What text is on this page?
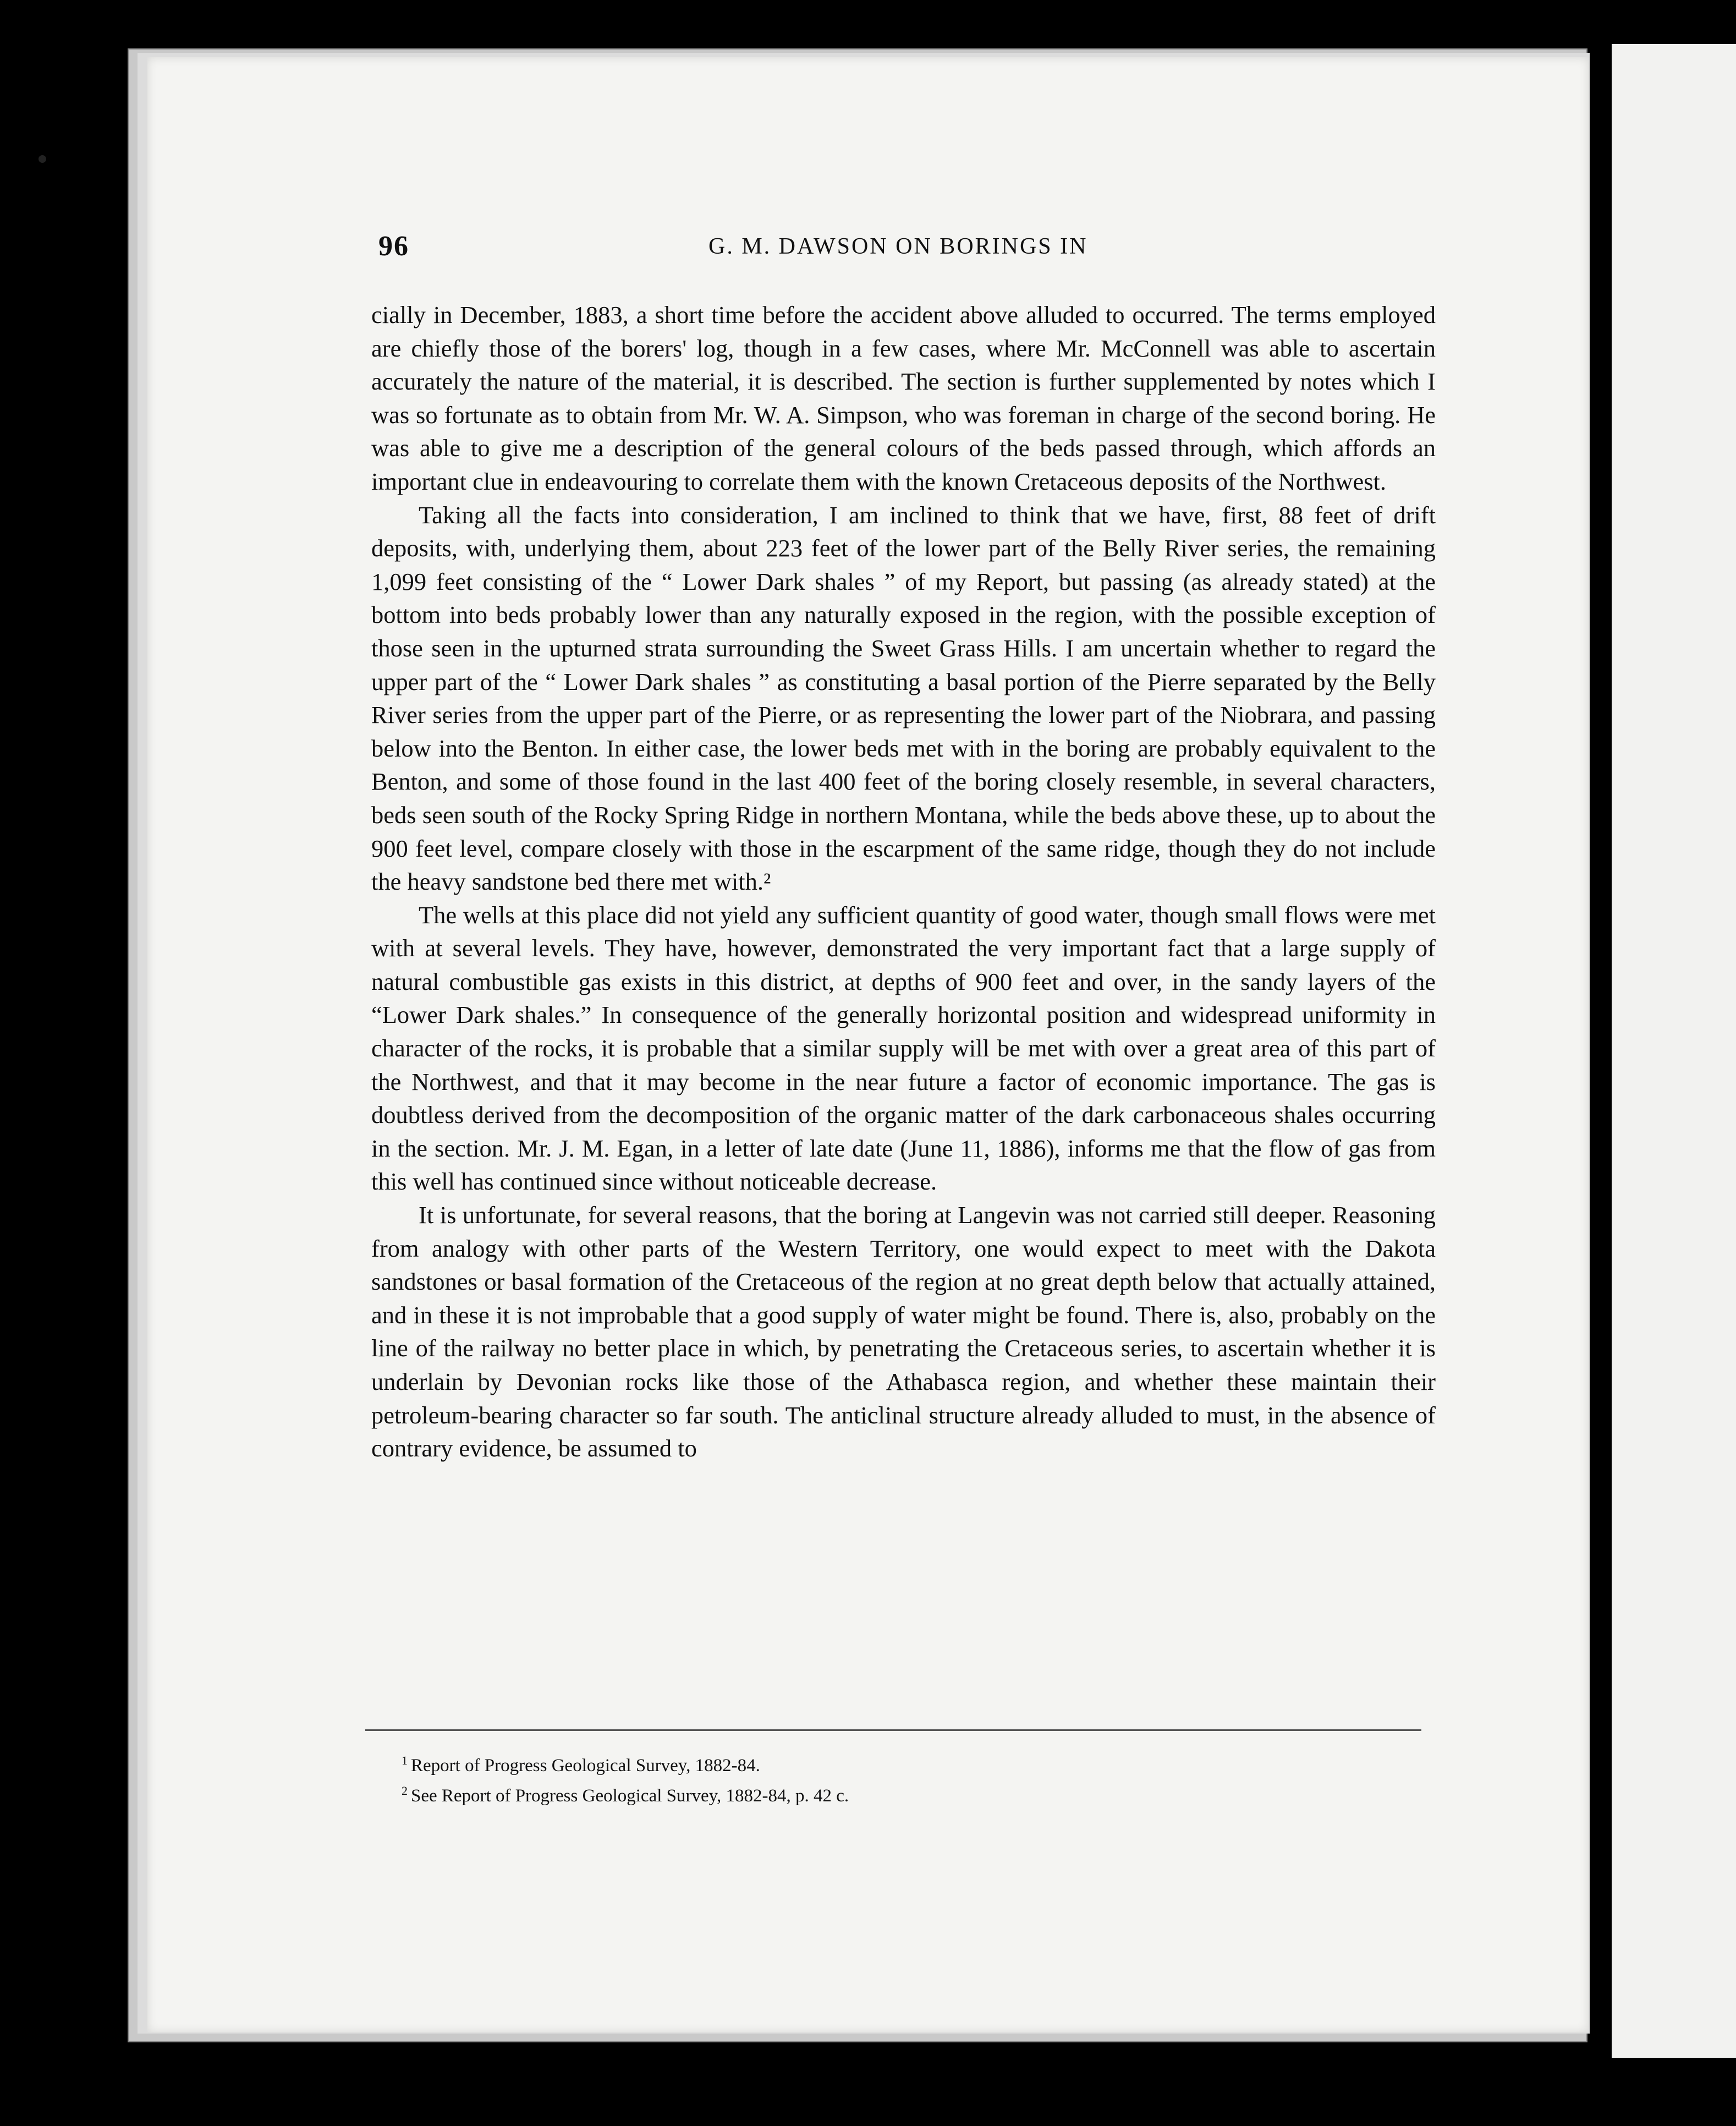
96	G. M. DAWSON ON BORINGS IN

cially in December, 1883, a short time before the accident above alluded to occurred. The terms employed are chiefly those of the borers' log, though in a few cases, where Mr. McConnell was able to ascertain accurately the nature of the material, it is described. The section is further supplemented by notes which I was so fortunate as to obtain from Mr. W. A. Simpson, who was foreman in charge of the second boring. He was able to give me a description of the general colours of the beds passed through, which affords an important clue in endeavouring to correlate them with the known Cretaceous deposits of the Northwest.

Taking all the facts into consideration, I am inclined to think that we have, first, 88 feet of drift deposits, with, underlying them, about 223 feet of the lower part of the Belly River series, the remaining 1,099 feet consisting of the “ Lower Dark shales ” of my Report, but passing (as already stated) at the bottom into beds probably lower than any naturally exposed in the region, with the possible exception of those seen in the upturned strata surrounding the Sweet Grass Hills. I am uncertain whether to regard the upper part of the “ Lower Dark shales ” as constituting a basal portion of the Pierre separated by the Belly River series from the upper part of the Pierre, or as representing the lower part of the Niobrara, and passing below into the Benton. In either case, the lower beds met with in the boring are probably equivalent to the Benton, and some of those found in the last 400 feet of the boring closely resemble, in several characters, beds seen south of the Rocky Spring Ridge in northern Montana, while the beds above these, up to about the 900 feet level, compare closely with those in the escarpment of the same ridge, though they do not include the heavy sandstone bed there met with.²

The wells at this place did not yield any sufficient quantity of good water, though small flows were met with at several levels. They have, however, demonstrated the very important fact that a large supply of natural combustible gas exists in this district, at depths of 900 feet and over, in the sandy layers of the “Lower Dark shales.” In consequence of the generally horizontal position and widespread uniformity in character of the rocks, it is probable that a similar supply will be met with over a great area of this part of the Northwest, and that it may become in the near future a factor of economic importance. The gas is doubtless derived from the decomposition of the organic matter of the dark carbonaceous shales occurring in the section. Mr. J. M. Egan, in a letter of late date (June 11, 1886), informs me that the flow of gas from this well has continued since without noticeable decrease.

It is unfortunate, for several reasons, that the boring at Langevin was not carried still deeper. Reasoning from analogy with other parts of the Western Territory, one would expect to meet with the Dakota sandstones or basal formation of the Cretaceous of the region at no great depth below that actually attained, and in these it is not improbable that a good supply of water might be found. There is, also, probably on the line of the railway no better place in which, by penetrating the Cretaceous series, to ascertain whether it is underlain by Devonian rocks like those of the Athabasca region, and whether these maintain their petroleum-bearing character so far south. The anticlinal structure already alluded to must, in the absence of contrary evidence, be assumed to

$^1$ Report of Progress Geological Survey, 1882-84.
$^2$ See Report of Progress Geological Survey, 1882-84, p. 42 c.
